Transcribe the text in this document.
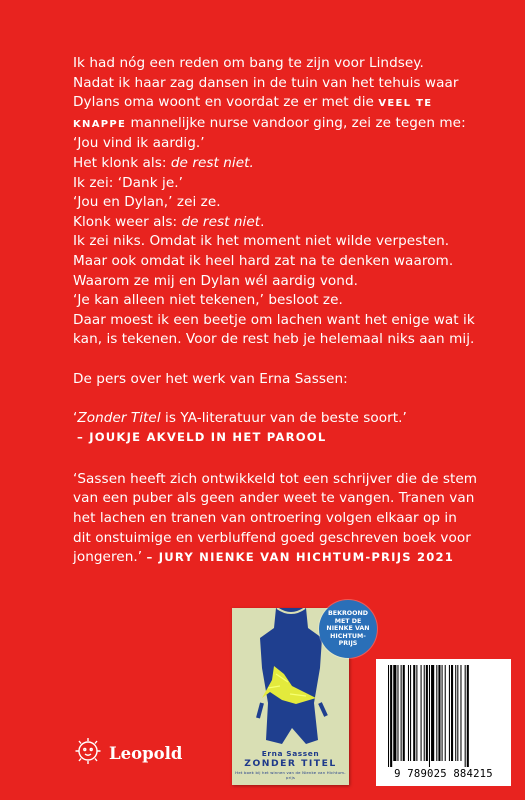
Ik had nóg een reden om bang te zijn voor Lindsey.

Nadat ik haar zag dansen in de tuin van het tehuis waar

Dylans oma woont en voordat ze er met die VEEL TE

KNAPPE mannelijke nurse vandoor ging, zei ze tegen me:

‘Jou vind ik aardig.’

Het klonk als: de rest niet.

Ik zei: ‘Dank je.’

‘Jou en Dylan,’ zei ze.

Klonk weer als: de rest niet.

Ik zei niks. Omdat ik het moment niet wilde verpesten.

Maar ook omdat ik heel hard zat na te denken waarom.

Waarom ze mij en Dylan wél aardig vond.

‘Je kan alleen niet tekenen,’ besloot ze.

Daar moest ik een beetje om lachen want het enige wat ik

kan, is tekenen. Voor de rest heb je helemaal niks aan mij.

De pers over het werk van Erna Sassen:

‘Zonder Titel is YA-literatuur van de beste soort.’

– JOUKJE AKVELD IN HET PAROOL

‘Sassen heeft zich ontwikkeld tot een schrijver die de stem

van een puber als geen ander weet te vangen. Tranen van

het lachen en tranen van ontroering volgen elkaar op in

dit onstuimige en verbluffend goed geschreven boek voor

jongeren.’ – JURY NIENKE VAN HICHTUM-PRIJS 2021

Leopold	Erna Sassen
ZONDER TITEL
Het boek bij het winnen van de Nienke van Hichtum-prijs
BEKROOND
MET DE
NIENKE VAN
HICHTUM-
PRIJS
9 789025 884215
